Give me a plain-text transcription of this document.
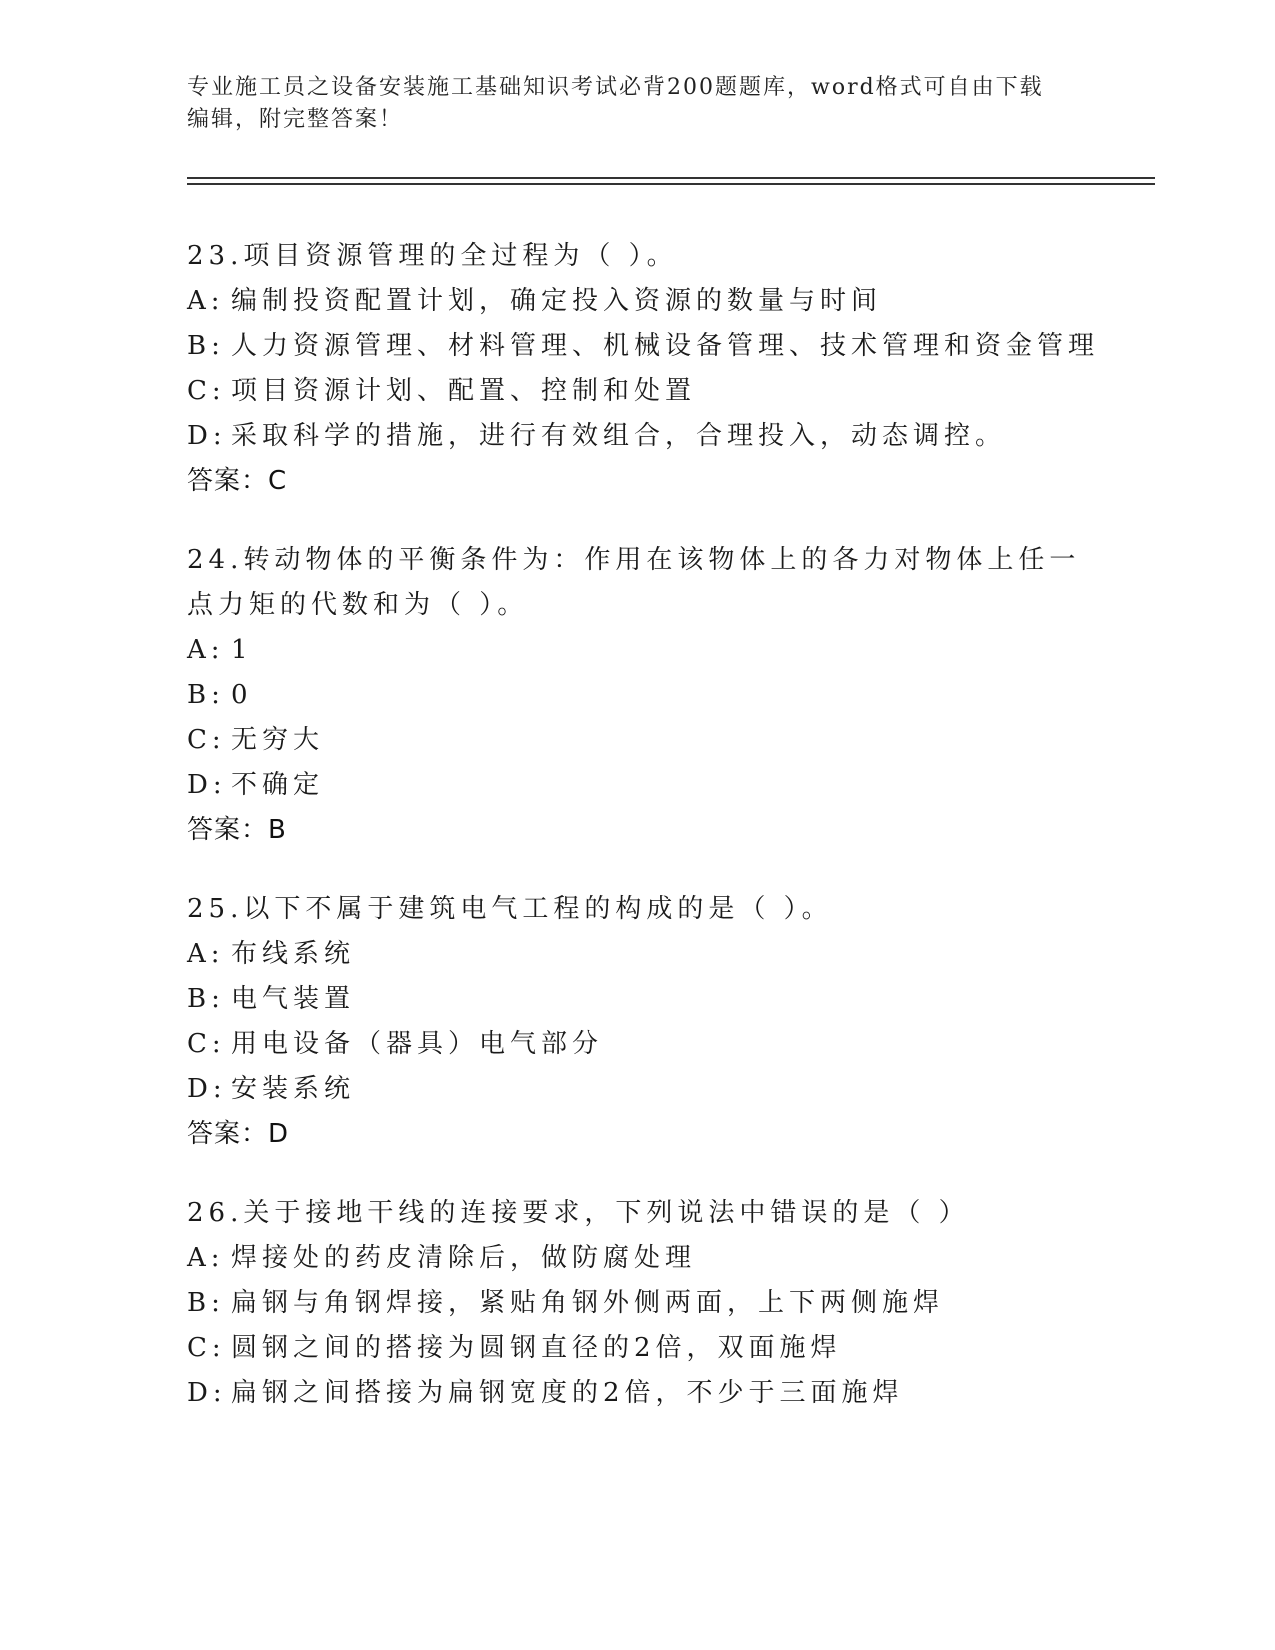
专业施工员之设备安装施工基础知识考试必背200题题库，word格式可自由下载
编辑，附完整答案！

23.项目资源管理的全过程为（ ）。

A: 编制投资配置计划，确定投入资源的数量与时间

B: 人力资源管理、材料管理、机械设备管理、技术管理和资金管理

C: 项目资源计划、配置、控制和处置

D: 采取科学的措施，进行有效组合，合理投入，动态调控。

答案：C

24.转动物体的平衡条件为：作用在该物体上的各力对物体上任一点力矩的代数和为（ ）。

A: 1

B: 0

C: 无穷大

D: 不确定

答案：B

25.以下不属于建筑电气工程的构成的是（ ）。

A: 布线系统

B: 电气装置

C: 用电设备（器具）电气部分

D: 安装系统

答案：D

26.关于接地干线的连接要求，下列说法中错误的是（ ）

A: 焊接处的药皮清除后，做防腐处理

B: 扁钢与角钢焊接，紧贴角钢外侧两面，上下两侧施焊

C: 圆钢之间的搭接为圆钢直径的2倍，双面施焊

D: 扁钢之间搭接为扁钢宽度的2倍，不少于三面施焊
